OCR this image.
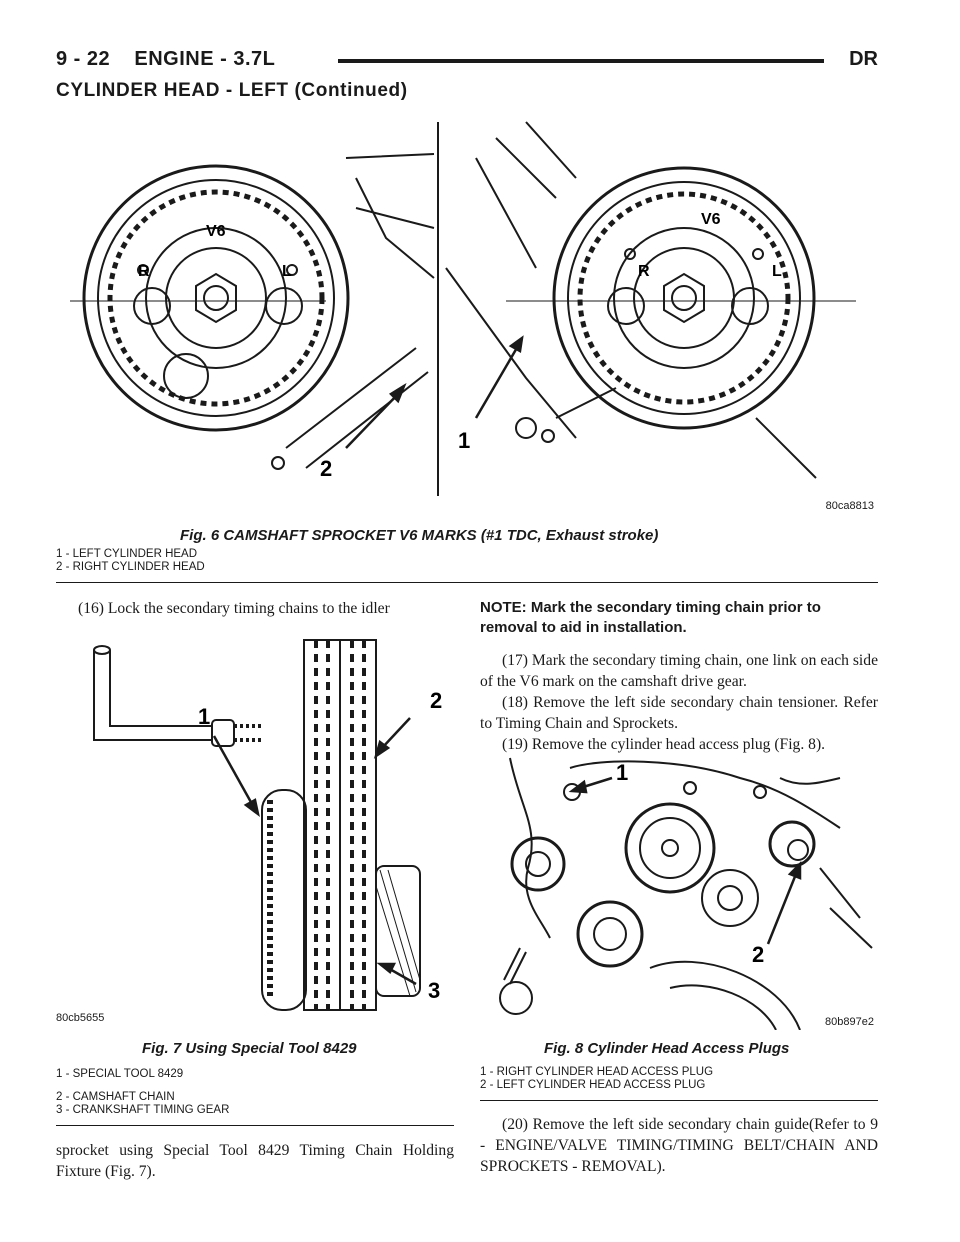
9 - 22    ENGINE - 3.7L	DR
CYLINDER HEAD - LEFT (Continued)
V6
R	L
V6
R	L
1
2
80ca8813
Fig. 6 CAMSHAFT SPROCKET V6 MARKS (#1 TDC, Exhaust stroke)
1 - LEFT CYLINDER HEAD
2 - RIGHT CYLINDER HEAD

(16) Lock the secondary timing chains to the idler

1
2
3
80cb5655
Fig. 7 Using Special Tool 8429
1 - SPECIAL TOOL 8429
2 - CAMSHAFT CHAIN
3 - CRANKSHAFT TIMING GEAR

sprocket using Special Tool 8429 Timing Chain Holding Fixture (Fig. 7).

NOTE: Mark the secondary timing chain prior to removal to aid in installation.

(17) Mark the secondary timing chain, one link on each side of the V6 mark on the camshaft drive gear.

(18) Remove the left side secondary chain tensioner. Refer to Timing Chain and Sprockets.

(19) Remove the cylinder head access plug (Fig. 8).

1
2
80b897e2
Fig. 8 Cylinder Head Access Plugs
1 - RIGHT CYLINDER HEAD ACCESS PLUG
2 - LEFT CYLINDER HEAD ACCESS PLUG

(20) Remove the left side secondary chain guide(Refer to 9 - ENGINE/VALVE TIMING/TIMING BELT/CHAIN AND SPROCKETS - REMOVAL).
